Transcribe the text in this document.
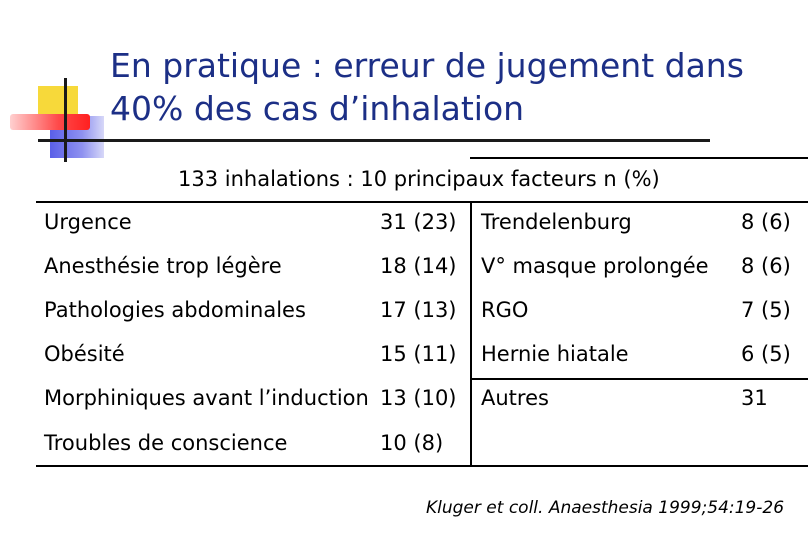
En pratique : erreur de jugement dans
40% des cas d’inhalation
133 inhalations : 10 principaux facteurs n (%)
Urgence	31 (23)
Anesthésie trop légère	18 (14)
Pathologies abdominales	17 (13)
Obésité	15 (11)
Morphiniques avant l’induction 13 (10)
Troubles de conscience	10 (8)
Trendelenburg	8 (6)
V° masque prolongée 8 (6)
RGO	7 (5)
Hernie hiatale	6 (5)
Autres	31
Kluger et coll. Anaesthesia 1999;54:19-26
